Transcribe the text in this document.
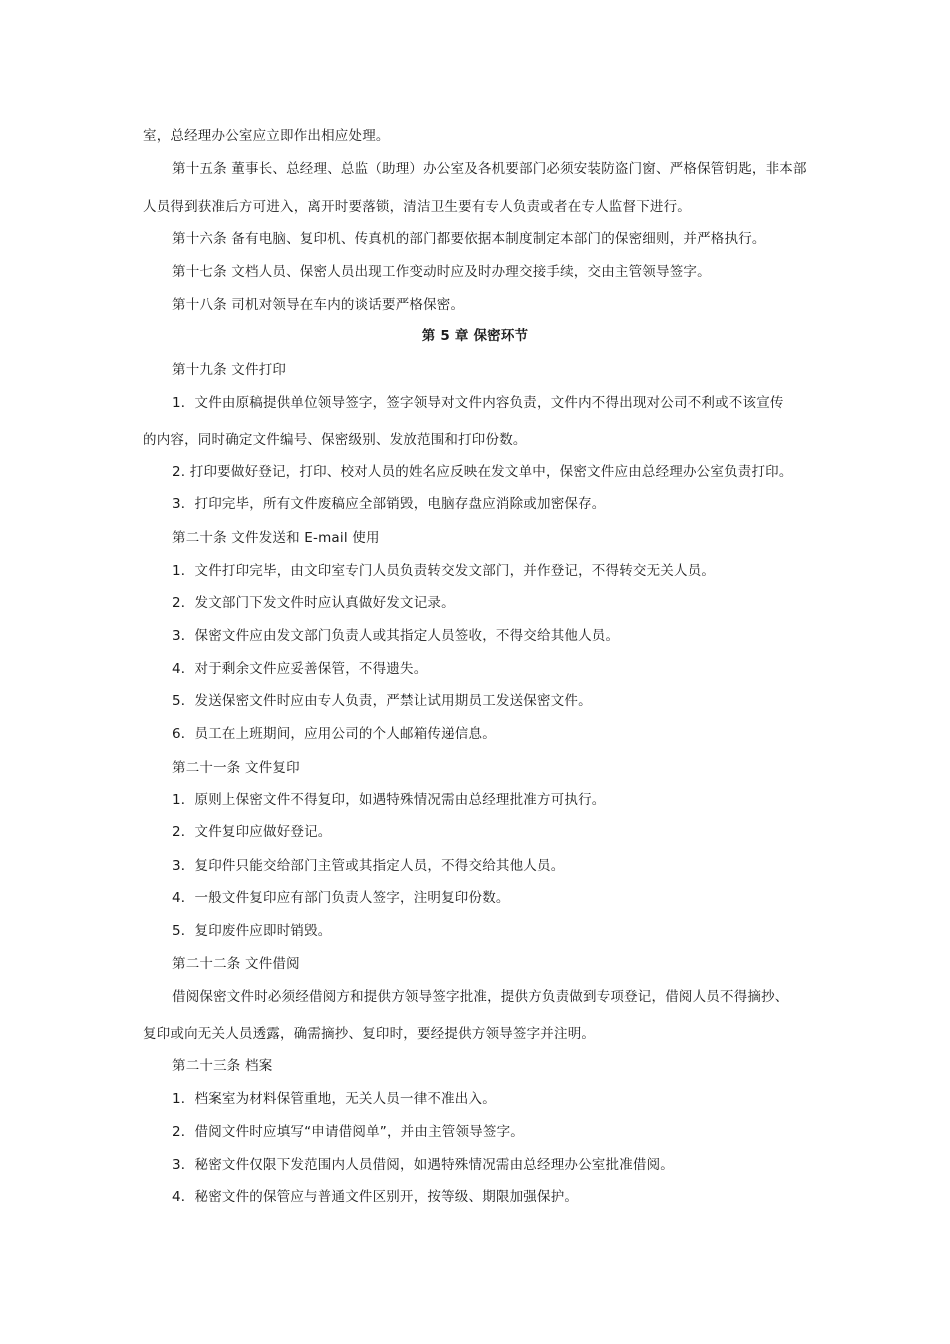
室，总经理办公室应立即作出相应处理。
第十五条 董事长、总经理、总监（助理）办公室及各机要部门必须安装防盗门窗、严格保管钥匙，非本部
人员得到获准后方可进入，离开时要落锁，清洁卫生要有专人负责或者在专人监督下进行。
第十六条 备有电脑、复印机、传真机的部门都要依据本制度制定本部门的保密细则，并严格执行。
第十七条 文档人员、保密人员出现工作变动时应及时办理交接手续，交由主管领导签字。
第十八条 司机对领导在车内的谈话要严格保密。
第 5 章 保密环节
第十九条 文件打印
1．文件由原稿提供单位领导签字，签字领导对文件内容负责，文件内不得出现对公司不利或不该宣传
的内容，同时确定文件编号、保密级别、发放范围和打印份数。
2. 打印要做好登记，打印、校对人员的姓名应反映在发文单中，保密文件应由总经理办公室负责打印。
3．打印完毕，所有文件废稿应全部销毁，电脑存盘应消除或加密保存。
第二十条 文件发送和 E-mail 使用
1．文件打印完毕，由文印室专门人员负责转交发文部门，并作登记，不得转交无关人员。
2．发文部门下发文件时应认真做好发文记录。
3．保密文件应由发文部门负责人或其指定人员签收，不得交给其他人员。
4．对于剩余文件应妥善保管，不得遗失。
5．发送保密文件时应由专人负责，严禁让试用期员工发送保密文件。
6．员工在上班期间，应用公司的个人邮箱传递信息。
第二十一条 文件复印
1．原则上保密文件不得复印，如遇特殊情况需由总经理批准方可执行。
2．文件复印应做好登记。
3．复印件只能交给部门主管或其指定人员，不得交给其他人员。
4．一般文件复印应有部门负责人签字，注明复印份数。
5．复印废件应即时销毁。
第二十二条 文件借阅
借阅保密文件时必须经借阅方和提供方领导签字批准，提供方负责做到专项登记，借阅人员不得摘抄、
复印或向无关人员透露，确需摘抄、复印时，要经提供方领导签字并注明。
第二十三条 档案
1．档案室为材料保管重地，无关人员一律不准出入。
2．借阅文件时应填写“申请借阅单”，并由主管领导签字。
3．秘密文件仅限下发范围内人员借阅，如遇特殊情况需由总经理办公室批准借阅。
4．秘密文件的保管应与普通文件区别开，按等级、期限加强保护。
